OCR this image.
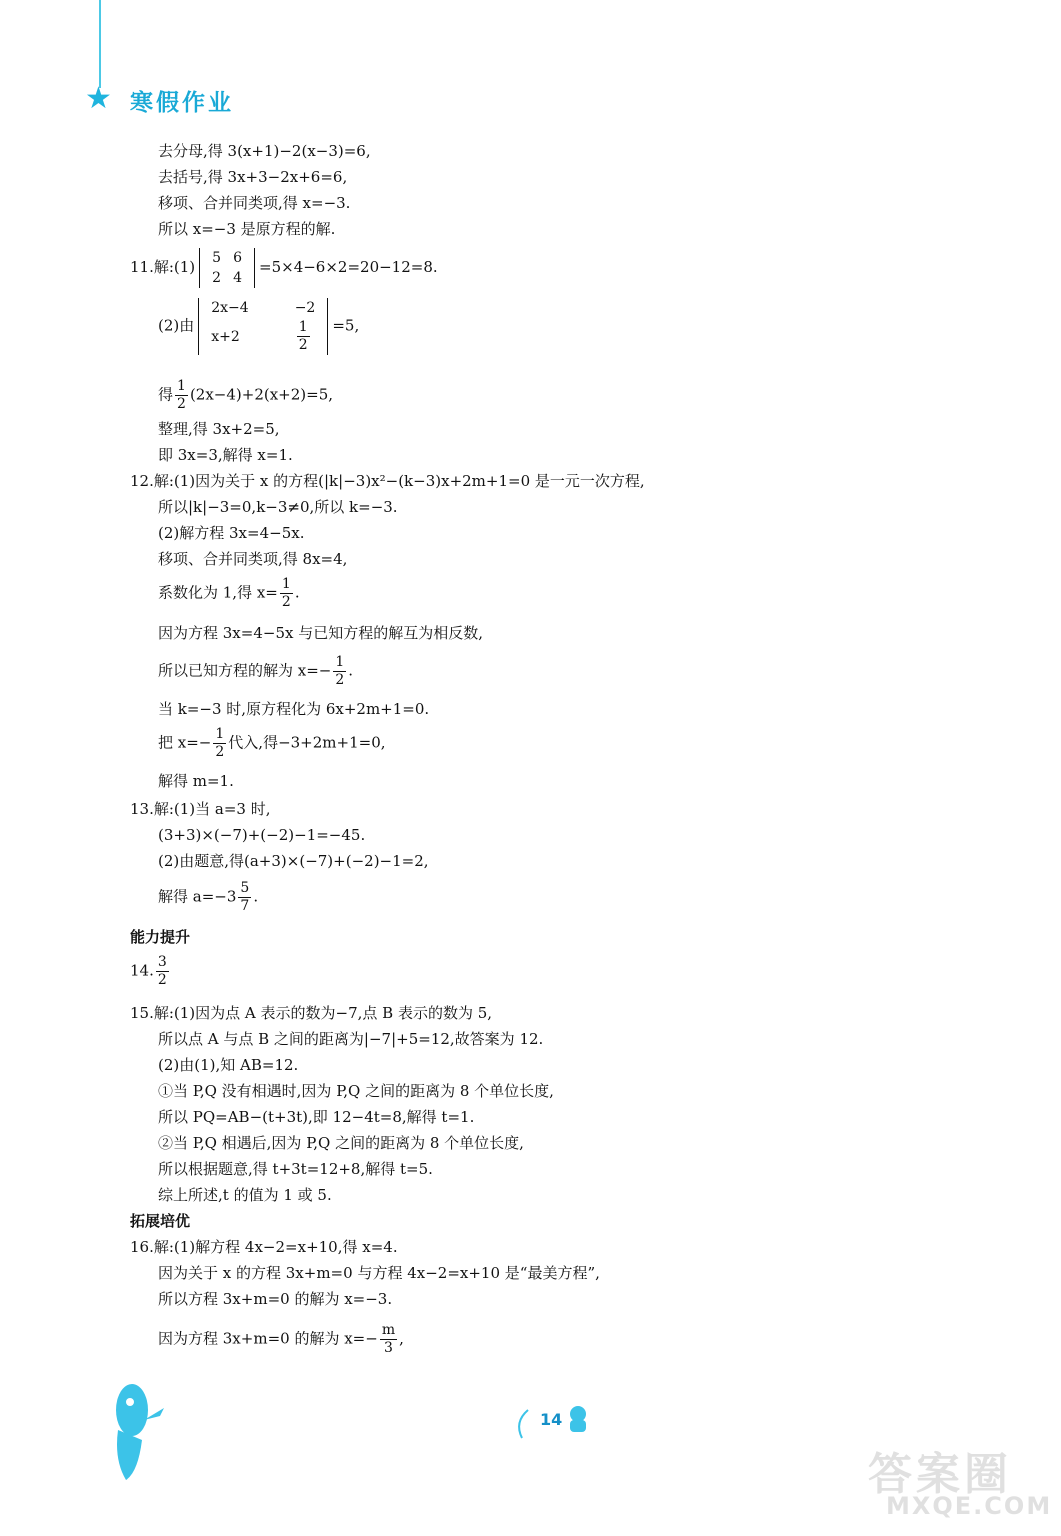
★ 寒假作业
去分母,得 3(x+1)−2(x−3)=6,
去括号,得 3x+3−2x+6=6,
移项、合并同类项,得 x=−3.
所以 x=−3 是原方程的解.
11.解:(1) 5	6
2	4
=5×4−6×2=20−12=8.
(2)由
2x−4	−2
x+2	$\frac{1}{2} =5$,
得 $\frac{1}{2} (2x-4)+2(x+2)=5$,
整理,得 3x+2=5,
即 3x=3,解得 x=1.
12.解:(1)因为关于 x 的方程(|k|−3)x²−(k−3)x+2m+1=0 是一元一次方程,
所以|k|−3=0,k−3≠0,所以 k=−3.
(2)解方程 3x=4−5x.
移项、合并同类项,得 8x=4,
系数化为 1,得 $x= \frac{1}{2}$ .
因为方程 3x=4−5x 与已知方程的解互为相反数,
所以已知方程的解为 $x=- \frac{1}{2}$ .
当 k=−3 时,原方程化为 6x+2m+1=0.
把 $x=- \frac{1}{2}$ 代入,得−3+2m+1=0,
解得 m=1.
13.解:(1)当 a=3 时,
(3+3)×(−7)+(−2)−1=−45.
(2)由题意,得(a+3)×(−7)+(−2)−1=2,
解得 $a=-3 \frac{5}{7}$ .
能力提升
14. $\frac{3}{2}$
15.解:(1)因为点 A 表示的数为−7,点 B 表示的数为 5,
所以点 A 与点 B 之间的距离为|−7|+5=12,故答案为 12.
(2)由(1),知 AB=12.
①当 P,Q 没有相遇时,因为 P,Q 之间的距离为 8 个单位长度,
所以 PQ=AB−(t+3t),即 12−4t=8,解得 t=1.
②当 P,Q 相遇后,因为 P,Q 之间的距离为 8 个单位长度,
所以根据题意,得 t+3t=12+8,解得 t=5.
综上所述,t 的值为 1 或 5.
拓展培优
16.解:(1)解方程 4x−2=x+10,得 x=4.
因为关于 x 的方程 3x+m=0 与方程 4x−2=x+10 是“最美方程”,
所以方程 3x+m=0 的解为 x=−3.
因为方程 3x+m=0 的解为 $x=- \frac{m}{3}$ ,
14
答案圈
MXQE.COM
